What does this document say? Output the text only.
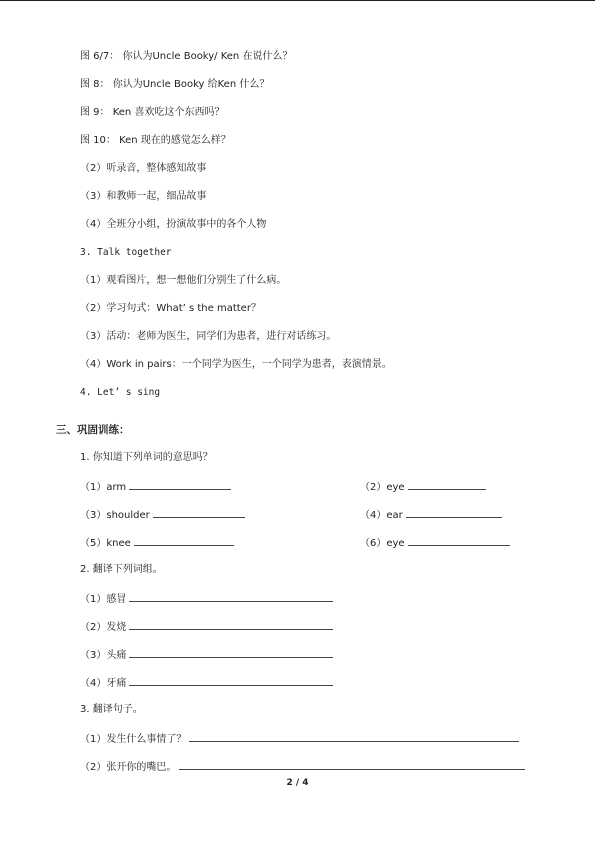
图 6/7： 你认为Uncle Booky/ Ken 在说什么？
图 8： 你认为Uncle Booky 给Ken 什么？
图 9： Ken 喜欢吃这个东西吗？
图 10： Ken 现在的感觉怎么样？
（2）听录音，整体感知故事
（3）和教师一起，细品故事
（4）全班分小组，扮演故事中的各个人物
3. Talk together
（1）观看图片，想一想他们分别生了什么病。
（2）学习句式：What’ s the matter？
（3）活动：老师为医生，同学们为患者，进行对话练习。
（4）Work in pairs：一个同学为医生，一个同学为患者，表演情景。
4. Let’ s sing
三、巩固训练：
1. 你知道下列单词的意思吗？
（1）arm	（2）eye
（3）shoulder	（4）ear
（5）knee	（6）eye
2. 翻译下列词组。
（1）感冒
（2）发烧
（3）头痛
（4）牙痛
3. 翻译句子。
（1）发生什么事情了？
（2）张开你的嘴巴。
2 / 4
